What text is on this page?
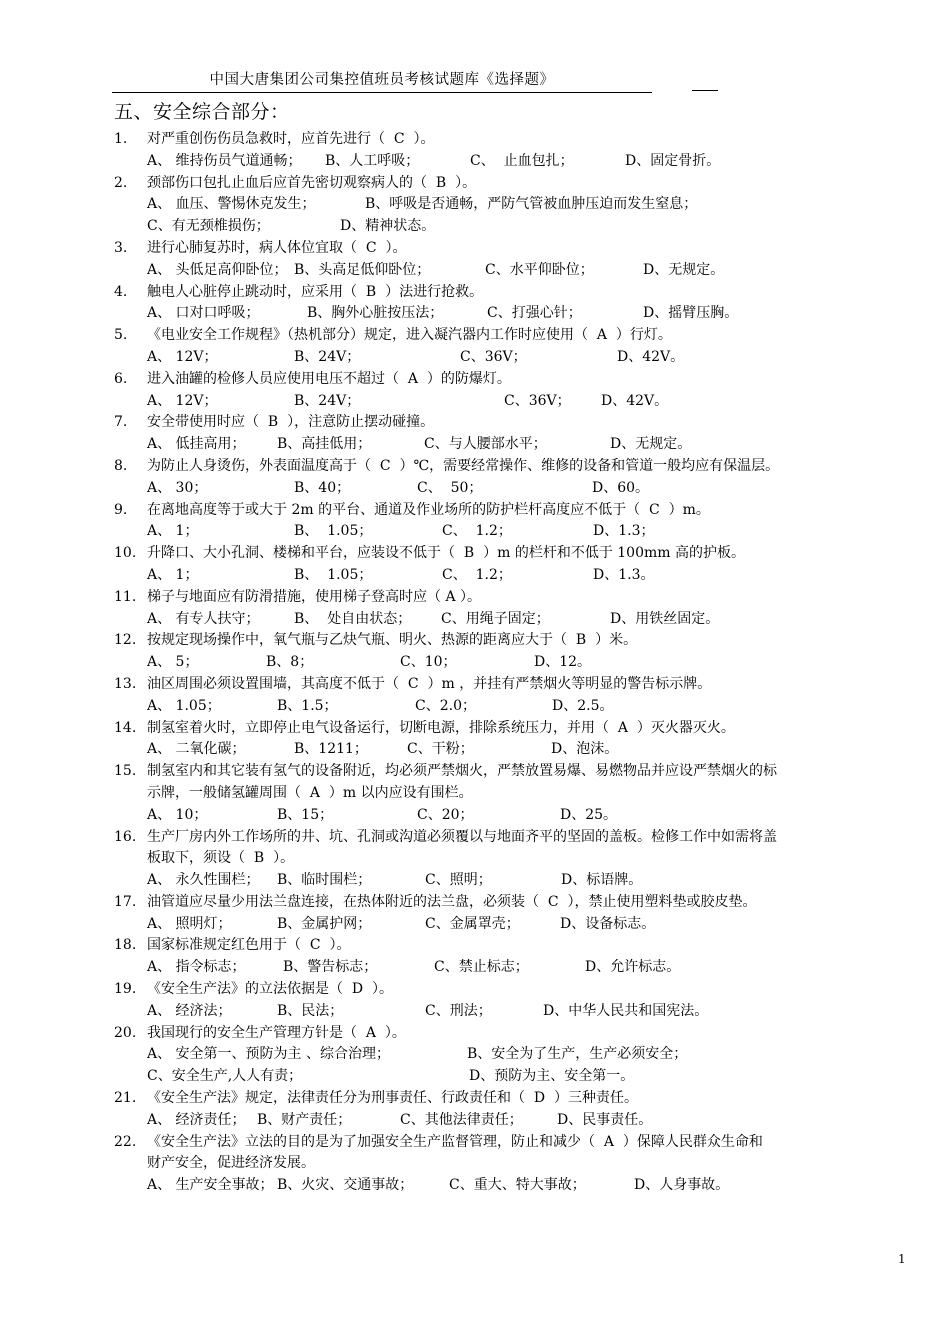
中国大唐集团公司集控值班员考核试题库《选择题》
五、安全综合部分：
1.	对严重创伤伤员急救时，应首先进行（  C  ）。
A、 维持伤员气道通畅；	B、人工呼吸；	C、  止血包扎；	D、固定骨折。
2.	颈部伤口包扎止血后应首先密切观察病人的（  B  ）。
A、 血压、警惕休克发生；	B、呼吸是否通畅，严防气管被血肿压迫而发生窒息；
C、有无颈椎损伤；	D、精神状态。
3.	进行心肺复苏时，病人体位宜取（  C  ）。
A、 头低足高仰卧位； B、头高足低仰卧位；	C、水平仰卧位；	D、无规定。
4.	触电人心脏停止跳动时，应采用（  B  ）法进行抢救。
A、 口对口呼吸；	B、胸外心脏按压法；	C、打强心针；	D、摇臂压胸。
5.	《电业安全工作规程》（热机部分）规定，进入凝汽器内工作时应使用（  A  ）行灯。
A、 12V；	B、24V；	C、36V；	D、42V。
6.	进入油罐的检修人员应使用电压不超过（  A  ）的防爆灯。
A、 12V；	B、24V；	C、36V；	D、42V。
7.	安全带使用时应（  B  ），注意防止摆动碰撞。
A、 低挂高用；	B、高挂低用；	C、与人腰部水平；	D、无规定。
8.	为防止人身烫伤，外表面温度高于（  C  ）℃，需要经常操作、维修的设备和管道一般均应有保温层。
A、 30；	B、40；	C、  50；	D、60。
9.	在离地高度等于或大于 2m 的平台、通道及作业场所的防护栏杆高度应不低于（  C  ）m。
A、 1；	B、  1.05；	C、  1.2；	D、1.3；
10. 升降口、大小孔洞、楼梯和平台，应装设不低于（  B  ）m 的栏杆和不低于 100mm 高的护板。
A、 1；	B、  1.05；	C、  1.2；	D、1.3。
11. 梯子与地面应有防滑措施，使用梯子登高时应（ A ）。
A、 有专人扶守；	B、  处自由状态；	C、用绳子固定；	D、用铁丝固定。
12. 按规定现场操作中，氧气瓶与乙炔气瓶、明火、热源的距离应大于（  B  ）米。
A、 5；	B、8；	C、10；	D、12。
13. 油区周围必须设置围墙，其高度不低于（  C  ）m ，并挂有严禁烟火等明显的警告标示牌。
A、 1.05；	B、1.5；	C、2.0；	D、2.5。
14. 制氢室着火时，立即停止电气设备运行，切断电源，排除系统压力，并用（  A  ）灭火器灭火。
A、 二氧化碳；	B、1211；	C、干粉；	D、泡沫。
15. 制氢室内和其它装有氢气的设备附近，均必须严禁烟火，严禁放置易爆、易燃物品并应设严禁烟火的标
示牌，一般储氢罐周围（  A  ）m 以内应设有围栏。
A、 10；	B、15；	C、20；	D、25。
16. 生产厂房内外工作场所的井、坑、孔洞或沟道必须覆以与地面齐平的坚固的盖板。检修工作中如需将盖
板取下，须设（  B  ）。
A、 永久性围栏；	B、临时围栏；	C、照明；	D、标语牌。
17. 油管道应尽量少用法兰盘连接，在热体附近的法兰盘，必须装（  C  ），禁止使用塑料垫或胶皮垫。
A、 照明灯；	B、金属护网；	C、金属罩壳；	D、设备标志。
18. 国家标准规定红色用于（  C  ）。
A、 指令标志；	B、警告标志；	C、禁止标志；	D、允许标志。
19. 《安全生产法》的立法依据是（  D  ）。
A、 经济法；	B、民法；	C、刑法；	D、中华人民共和国宪法。
20. 我国现行的安全生产管理方针是（  A  ）。
A、 安全第一、预防为主 、综合治理；	B、安全为了生产，生产必须安全；
C、安全生产,人人有责；	D、预防为主、安全第一。
21. 《安全生产法》规定，法律责任分为刑事责任、行政责任和（  D  ）三种责任。
A、 经济责任； B、财产责任；	C、其他法律责任；	D、民事责任。
22. 《安全生产法》立法的目的是为了加强安全生产监督管理，防止和减少（  A  ）保障人民群众生命和
财产安全，促进经济发展。
A、 生产安全事故； B、火灾、交通事故；	C、重大、特大事故；	D、人身事故。
1
